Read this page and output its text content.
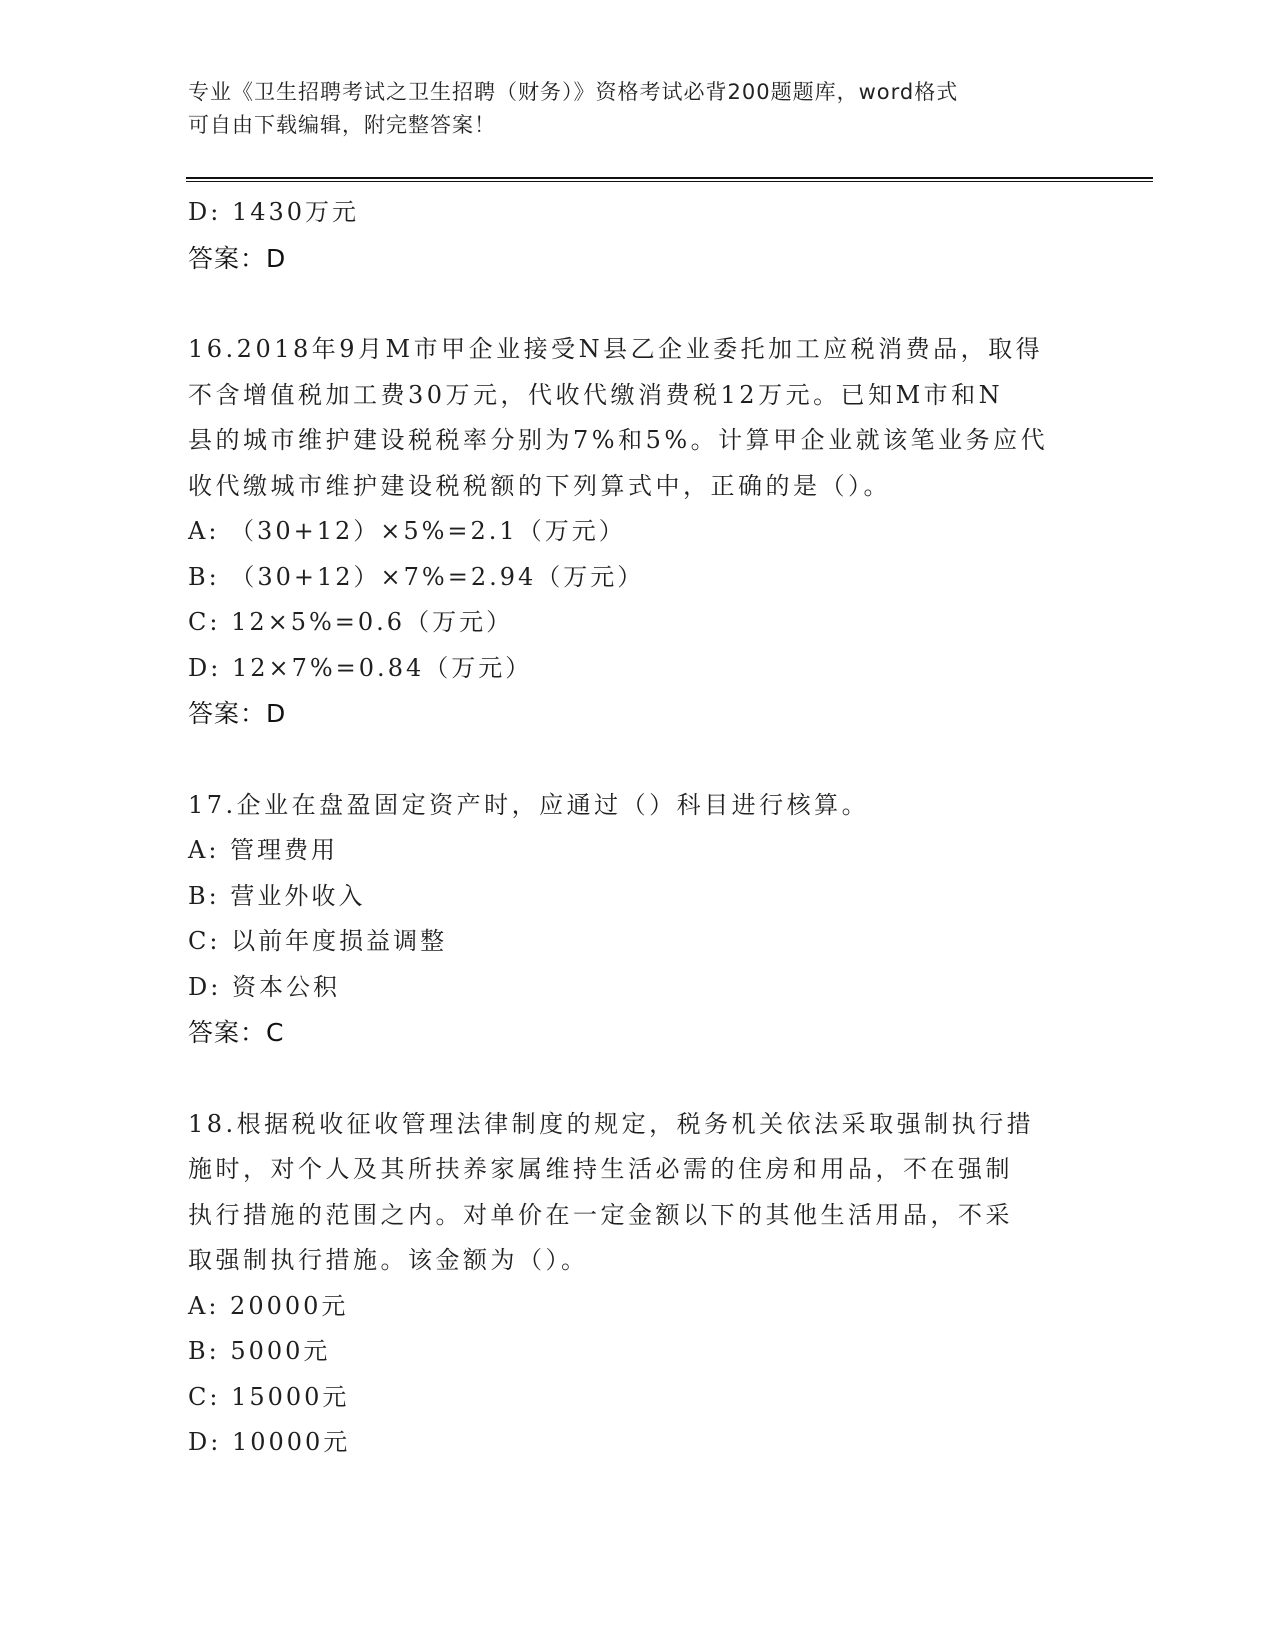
专业《卫生招聘考试之卫生招聘（财务）》资格考试必背200题题库，word格式
可自由下载编辑，附完整答案！
D: 1430万元
答案：D
16.2018年9月M市甲企业接受N县乙企业委托加工应税消费品，取得
不含增值税加工费30万元，代收代缴消费税12万元。已知M市和N
县的城市维护建设税税率分别为7%和5%。计算甲企业就该笔业务应代
收代缴城市维护建设税税额的下列算式中，正确的是（）。
A: （30+12）×5%=2.1（万元）
B: （30+12）×7%=2.94（万元）
C: 12×5%=0.6（万元）
D: 12×7%=0.84（万元）
答案：D
17.企业在盘盈固定资产时，应通过（）科目进行核算。
A: 管理费用
B: 营业外收入
C: 以前年度损益调整
D: 资本公积
答案：C
18.根据税收征收管理法律制度的规定，税务机关依法采取强制执行措
施时，对个人及其所扶养家属维持生活必需的住房和用品，不在强制
执行措施的范围之内。对单价在一定金额以下的其他生活用品，不采
取强制执行措施。该金额为（）。
A: 20000元
B: 5000元
C: 15000元
D: 10000元
